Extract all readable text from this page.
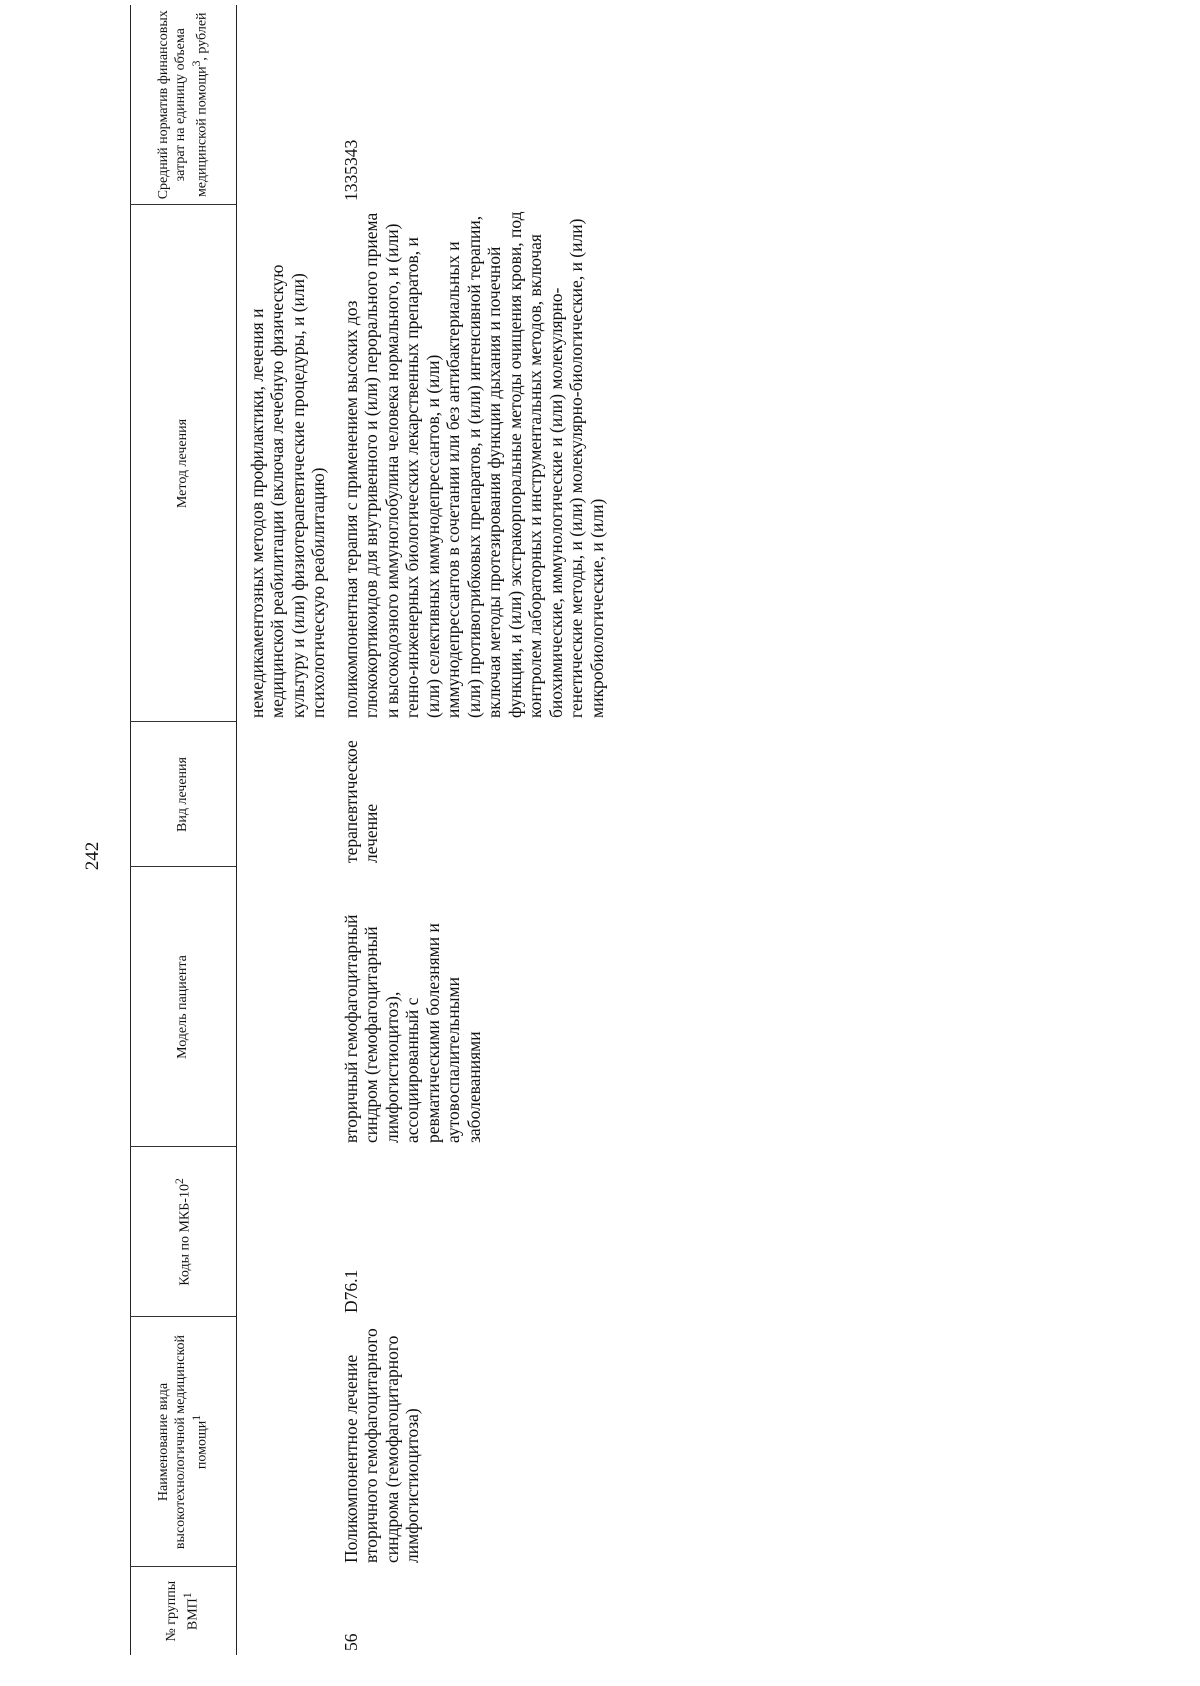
242
№ группы ВМП$^1$	Наименование вида высокотехнологичной медицинской помощи$^1$	Коды по МКБ-$10^2$	Модель пациента	Вид лечения	Метод лечения	Средний норматив финансовых затрат на единицу объема медицинской помощи$^3$, рублей
					немедикаментозных методов профилактики, лечения и медицинской реабилитации (включая лечебную физическую культуру и (или) физиотерапевтические процедуры, и (или) психологическую реабилитацию)	
56	Поликомпонентное лечение вторичного гемофагоцитарного синдрома (гемофагоцитарного лимфогистиоцитоза)	D76.1	вторичный гемофагоцитарный синдром (гемофагоцитарный лимфогистиоцитоз), ассоциированный с ревматическими болезнями и аутовоспалительными заболеваниями	терапевтическое лечение	поликомпонентная терапия с применением высоких доз глюкокортикоидов для внутривенного и (или) перорального приема и высокодозного иммуноглобулина человека нормального, и (или) генно-инженерных биологических лекарственных препаратов, и (или) селективных иммунодепрессантов, и (или) иммунодепрессантов в сочетании или без антибактериальных и (или) противогрибковых препаратов, и (или) интенсивной терапии, включая методы протезирования функции дыхания и почечной функции, и (или) экстракорпоральные методы очищения крови, под контролем лабораторных и инструментальных методов, включая биохимические, иммунологические и (или) молекулярно-генетические методы, и (или) молекулярно-биологические, и (или) микробиологические, и (или)	1335343
